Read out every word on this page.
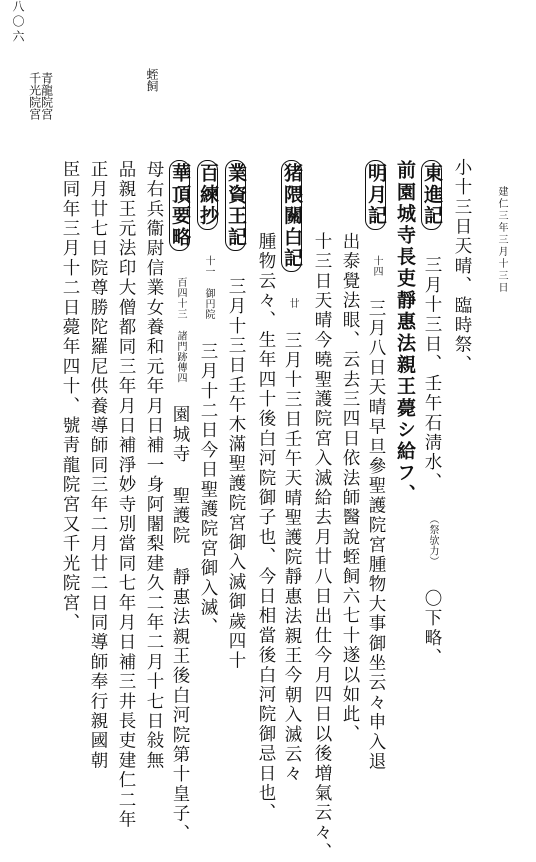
建仁三年三月十三日
青龍院宮
千光院宮	蛭飼
小十三日天晴、臨時祭、
東進記 三月十三日、壬午石淸水、 （祭欤力） 〇下略、
前園城寺長吏靜惠法親王薨シ給フ、
明月記 十四 三月八日天晴早旦參聖護院宮腫物大事御坐云々申入退
出泰覺法眼、云去三四日依法師醫說蛭飼六七十遂以如此、
十三日天晴今曉聖護院宮入滅給去月廿八日出仕今月四日以後増氣云々、
猪隈關白記 廿 三月十三日壬午天晴聖護院靜惠法親王今朝入滅云々
腫物云々、生年四十後白河院御子也、今日相當後白河院御忌日也、
業資王記 三月十三日壬午木滿聖護院宮御入滅御歲四十
百練抄 十一 御円院 三月十二日今日聖護院宮御入滅、
華頂要略 百四十三 諸門跡傳四 園城寺 聖護院 靜惠法親王後白河院第十皇子、
母右兵衞尉信業女養和元年月日補一身阿闍梨建久二年二月十七日敍無
品親王元法印大僧都同三年月日補淨妙寺別當同七年月日補三井長吏建仁二年
正月廿七日院尊勝陀羅尼供養導師同三年二月廿二日同導師奉行親國朝
臣同年三月十二日薨年四十、號靑龍院宮又千光院宮、
八〇六
